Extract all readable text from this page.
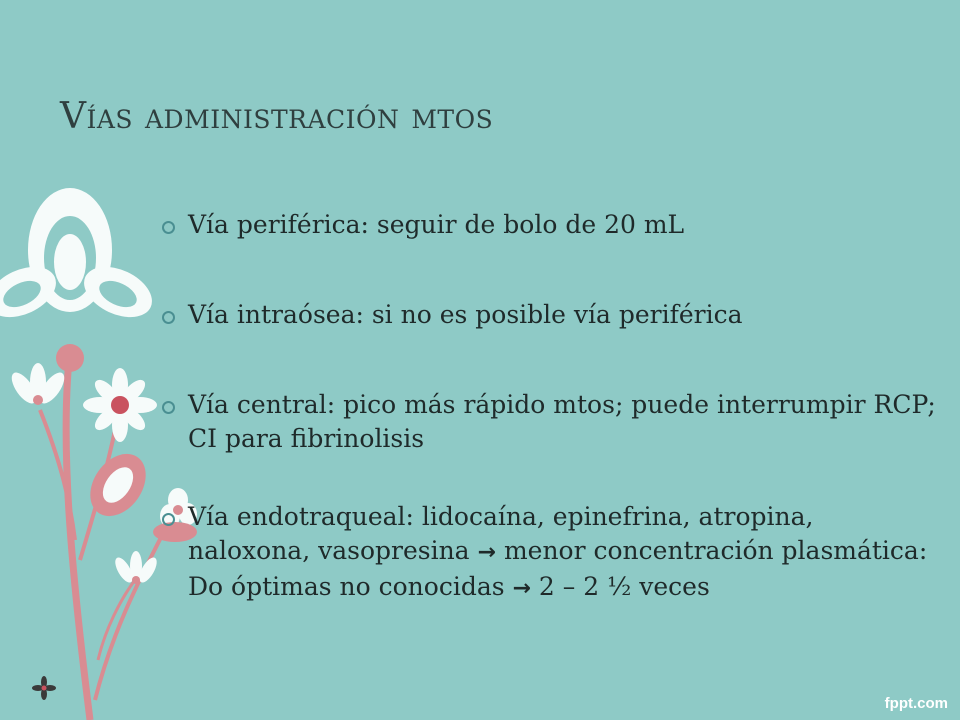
Vías administración mtos
Vía periférica: seguir de bolo de 20 mL
Vía intraósea: si no es posible vía periférica
Vía central: pico más rápido mtos; puede interrumpir RCP; CI para fibrinolisis
Vía endotraqueal: lidocaína, epinefrina, atropina, naloxona, vasopresina → menor concentración plasmática: Do óptimas no conocidas → 2 – 2 ½ veces
fppt.com
